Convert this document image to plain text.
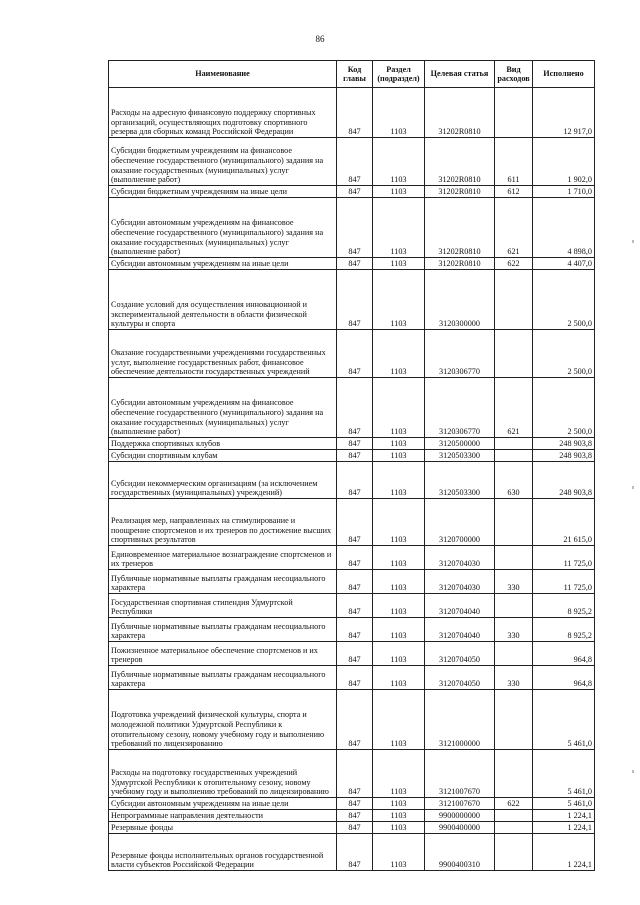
86
Наименование	Код главы	Раздел (подраздел)	Целевая статья	Вид расходов	Исполнено
Расходы на адресную финансовую поддержку спортивных организаций, осуществляющих подготовку спортивного резерва для сборных команд Российской Федерации	847	1103	31202R0810		12 917,0
Субсидии бюджетным учреждениям на финансовое обеспечение государственного (муниципального) задания на оказание государственных (муниципальных) услуг (выполнение работ)	847	1103	31202R0810	611	1 902,0
Субсидии бюджетным учреждениям на иные цели	847	1103	31202R0810	612	1 710,0
Субсидии автономным учреждениям на финансовое обеспечение государственного (муниципального) задания на оказание государственных (муниципальных) услуг (выполнение работ)	847	1103	31202R0810	621	4 898,0
Субсидии автономным учреждениям на иные цели	847	1103	31202R0810	622	4 407,0
Создание условий для осуществления инновационной и экспериментальной деятельности в области физической культуры и спорта	847	1103	3120300000		2 500,0
Оказание государственными учреждениями государственных услуг, выполнение государственных работ, финансовое обеспечение деятельности государственных учреждений	847	1103	3120306770		2 500,0
Субсидии автономным учреждениям на финансовое обеспечение государственного (муниципального) задания на оказание государственных (муниципальных) услуг (выполнение работ)	847	1103	3120306770	621	2 500,0
Поддержка спортивных клубов	847	1103	3120500000		248 903,8
Субсидии спортивным клубам	847	1103	3120503300		248 903,8
Субсидии некоммерческим организациям (за исключением государственных (муниципальных) учреждений)	847	1103	3120503300	630	248 903,8
Реализация мер, направленных на стимулирование и поощрение спортсменов и их тренеров по достижение высших спортивных результатов	847	1103	3120700000		21 615,0
Единовременное материальное вознаграждение спортсменов и их тренеров	847	1103	3120704030		11 725,0
Публичные нормативные выплаты гражданам несоциального характера	847	1103	3120704030	330	11 725,0
Государственная спортивная стипендия Удмуртской Республики	847	1103	3120704040		8 925,2
Публичные нормативные выплаты гражданам несоциального характера	847	1103	3120704040	330	8 925,2
Пожизненное материальное обеспечение спортсменов и их тренеров	847	1103	3120704050		964,8
Публичные нормативные выплаты гражданам несоциального характера	847	1103	3120704050	330	964,8
Подготовка учреждений физической культуры, спорта и молодежной политики Удмуртской Республики к отопительному сезону, новому учебному году и выполнению требований по лицензированию	847	1103	3121000000		5 461,0
Расходы на подготовку государственных учреждений Удмуртской Республики к отопительному сезону, новому учебному году и выполнению требований по лицензированию	847	1103	3121007670		5 461,0
Субсидии автономным учреждениям на иные цели	847	1103	3121007670	622	5 461,0
Непрограммные направления деятельности	847	1103	9900000000		1 224,1
Резервные фонды	847	1103	9900400000		1 224,1
Резервные фонды исполнительных органов государственной власти субъектов Российской Федерации	847	1103	9900400310		1 224,1
